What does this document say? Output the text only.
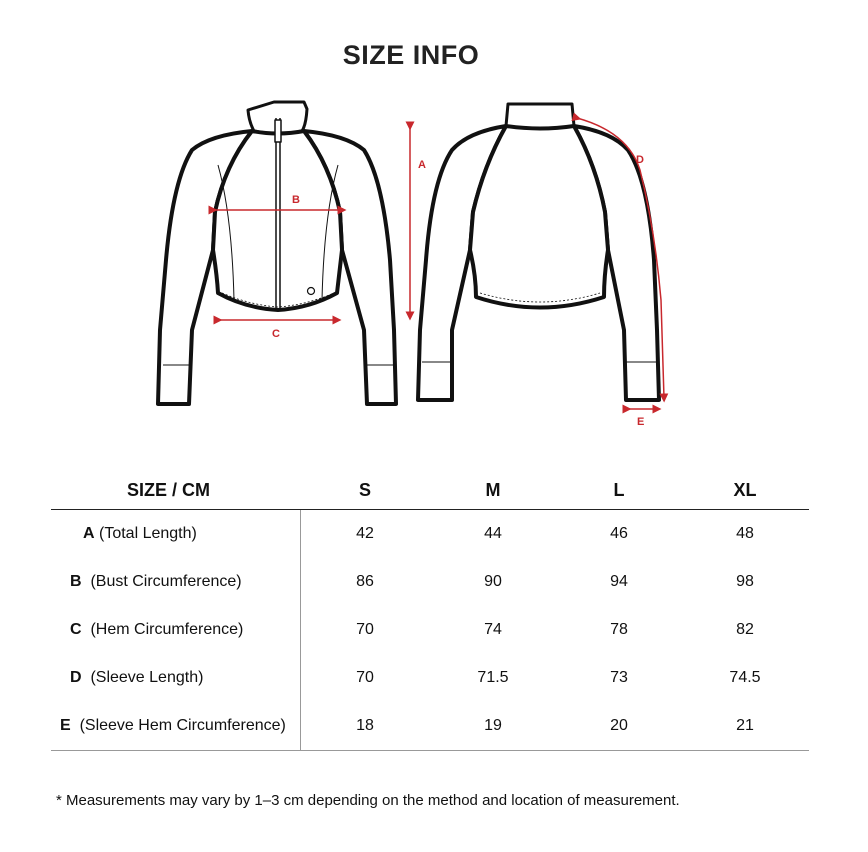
SIZE INFO
A
B
C
D
E
SIZE / CM	S	M	L	XL
A (Total Length)	42	44	46	48
B  (Bust Circumference)	86	90	94	98
C  (Hem Circumference)	70	74	78	82
D  (Sleeve Length)	70	71.5	73	74.5
E  (Sleeve Hem Circumference)	18	19	20	21
* Measurements may vary by 1–3 cm depending on the method and location of measurement.
